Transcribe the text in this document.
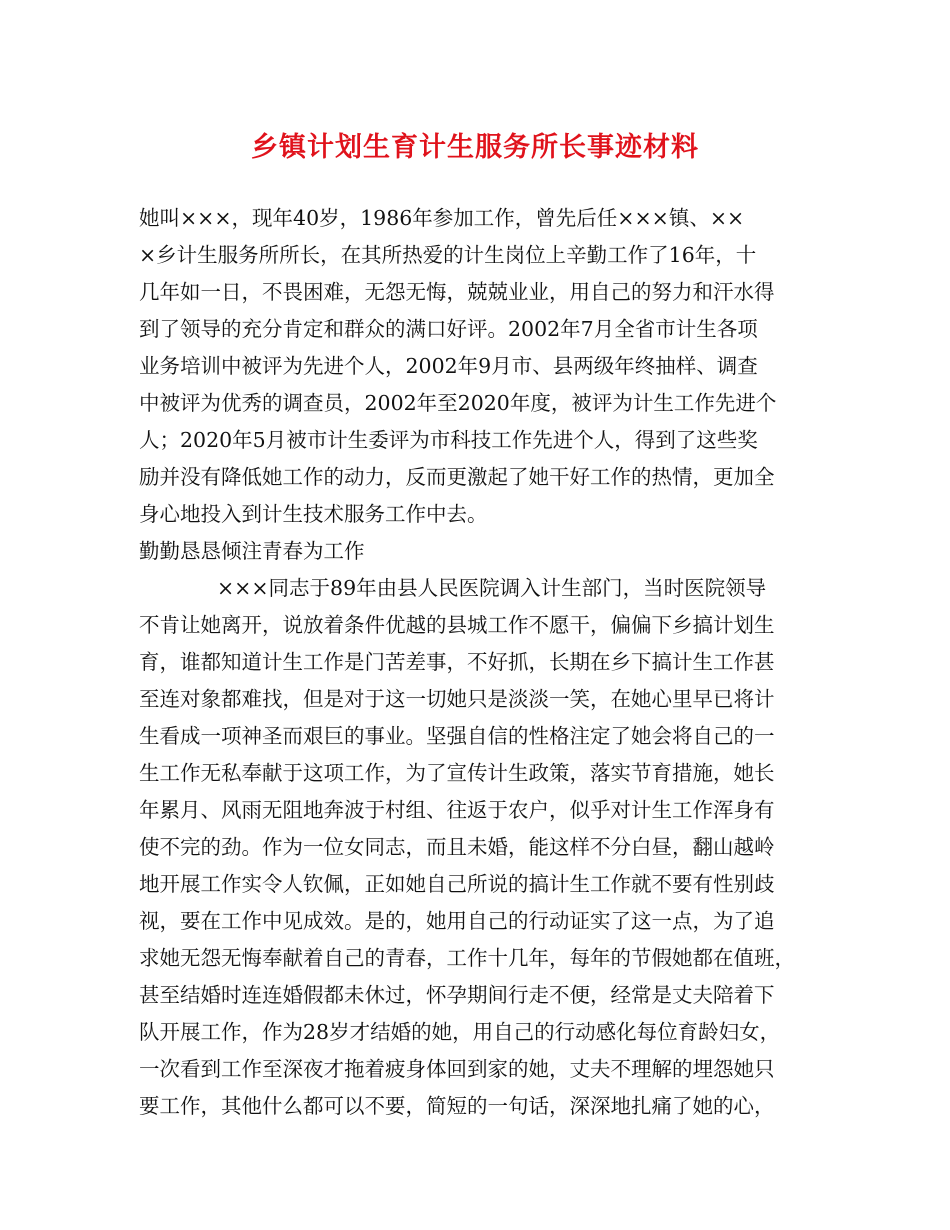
乡镇计划生育计生服务所长事迹材料
她叫×××，现年40岁，1986年参加工作，曾先后任×××镇、××
×乡计生服务所所长，在其所热爱的计生岗位上辛勤工作了16年，十
几年如一日，不畏困难，无怨无悔，兢兢业业，用自己的努力和汗水得
到了领导的充分肯定和群众的满口好评。2002年7月全省市计生各项
业务培训中被评为先进个人，2002年9月市、县两级年终抽样、调查
中被评为优秀的调查员，2002年至2020年度，被评为计生工作先进个
人；2020年5月被市计生委评为市科技工作先进个人，得到了这些奖
励并没有降低她工作的动力，反而更激起了她干好工作的热情，更加全
身心地投入到计生技术服务工作中去。
勤勤恳恳倾注青春为工作
×××同志于89年由县人民医院调入计生部门，当时医院领导
不肯让她离开，说放着条件优越的县城工作不愿干，偏偏下乡搞计划生
育，谁都知道计生工作是门苦差事，不好抓，长期在乡下搞计生工作甚
至连对象都难找，但是对于这一切她只是淡淡一笑，在她心里早已将计
生看成一项神圣而艰巨的事业。坚强自信的性格注定了她会将自己的一
生工作无私奉献于这项工作，为了宣传计生政策，落实节育措施，她长
年累月、风雨无阻地奔波于村组、往返于农户，似乎对计生工作浑身有
使不完的劲。作为一位女同志，而且未婚，能这样不分白昼，翻山越岭
地开展工作实令人钦佩，正如她自己所说的搞计生工作就不要有性别歧
视，要在工作中见成效。是的，她用自己的行动证实了这一点，为了追
求她无怨无悔奉献着自己的青春，工作十几年，每年的节假她都在值班，
甚至结婚时连连婚假都未休过，怀孕期间行走不便，经常是丈夫陪着下
队开展工作，作为28岁才结婚的她，用自己的行动感化每位育龄妇女，
一次看到工作至深夜才拖着疲身体回到家的她，丈夫不理解的埋怨她只
要工作，其他什么都可以不要，简短的一句话，深深地扎痛了她的心，
